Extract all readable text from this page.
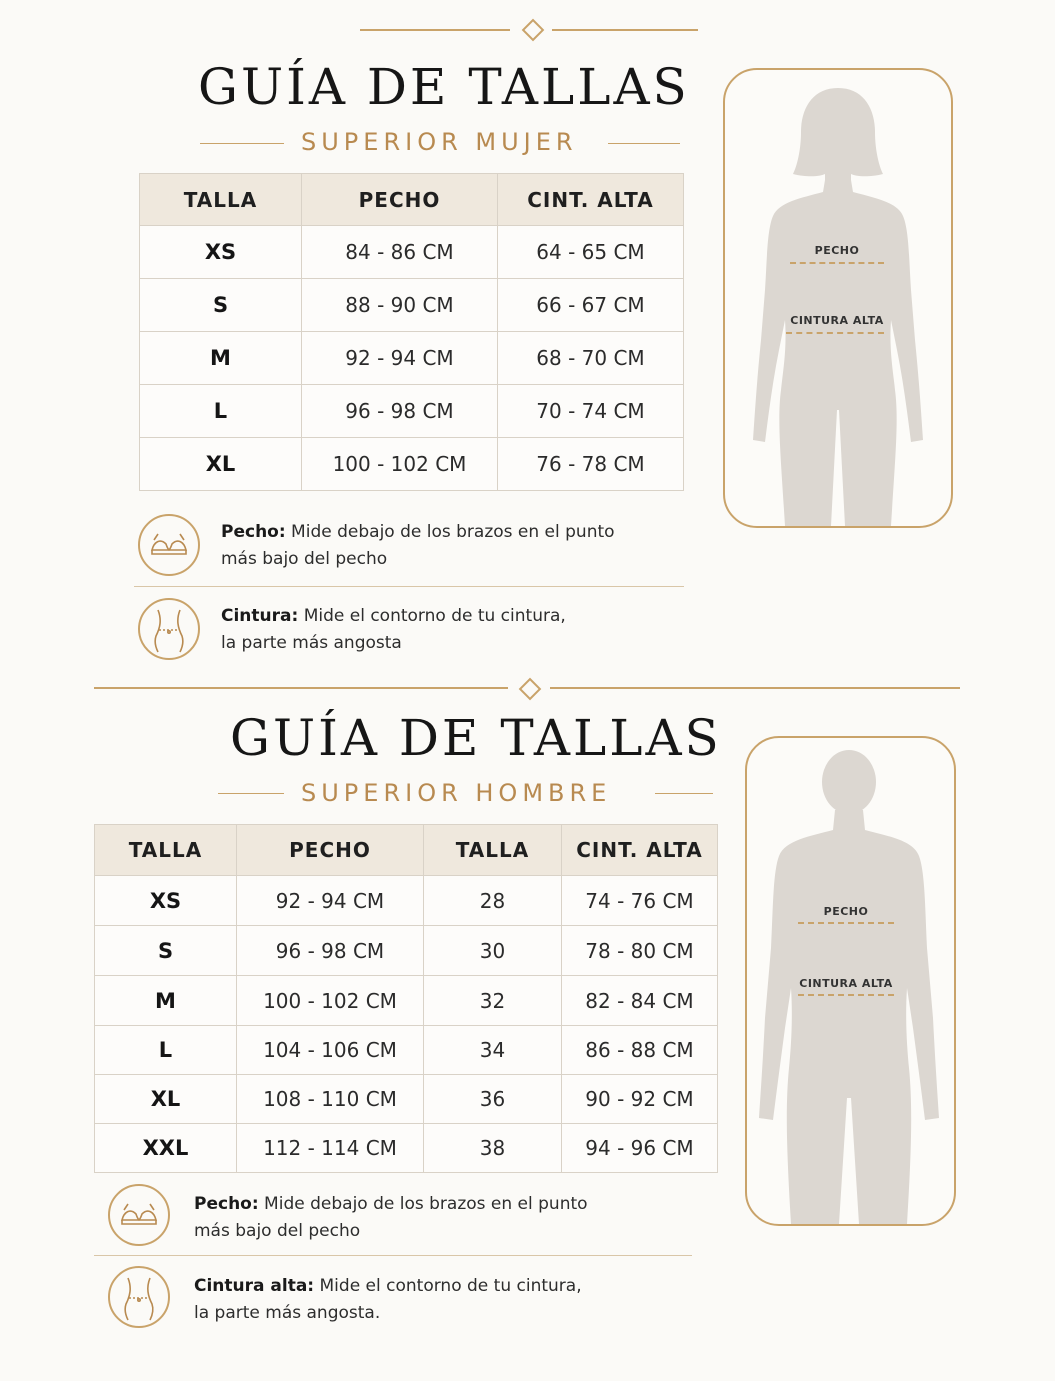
GUÍA DE TALLAS
SUPERIOR MUJER
TALLA	PECHO	CINT. ALTA
XS	84 - 86 CM	64 - 65 CM
S	88 - 90 CM	66 - 67 CM
M	92 - 94 CM	68 - 70 CM
L	96 - 98 CM	70 - 74 CM
XL	100 - 102 CM	76 - 78 CM
PECHO
CINTURA ALTA
Pecho: Mide debajo de los brazos en el punto
más bajo del pecho
Cintura: Mide el contorno de tu cintura,
la parte más angosta
GUÍA DE TALLAS
SUPERIOR HOMBRE
TALLA	PECHO	TALLA	CINT. ALTA
XS	92 - 94 CM	28	74 - 76 CM
S	96 - 98 CM	30	78 - 80 CM
M	100 - 102 CM	32	82 - 84 CM
L	104 - 106 CM	34	86 - 88 CM
XL	108 - 110 CM	36	90 - 92 CM
XXL	112 - 114 CM	38	94 - 96 CM
PECHO
CINTURA ALTA
Pecho: Mide debajo de los brazos en el punto
más bajo del pecho
Cintura alta: Mide el contorno de tu cintura,
la parte más angosta.
